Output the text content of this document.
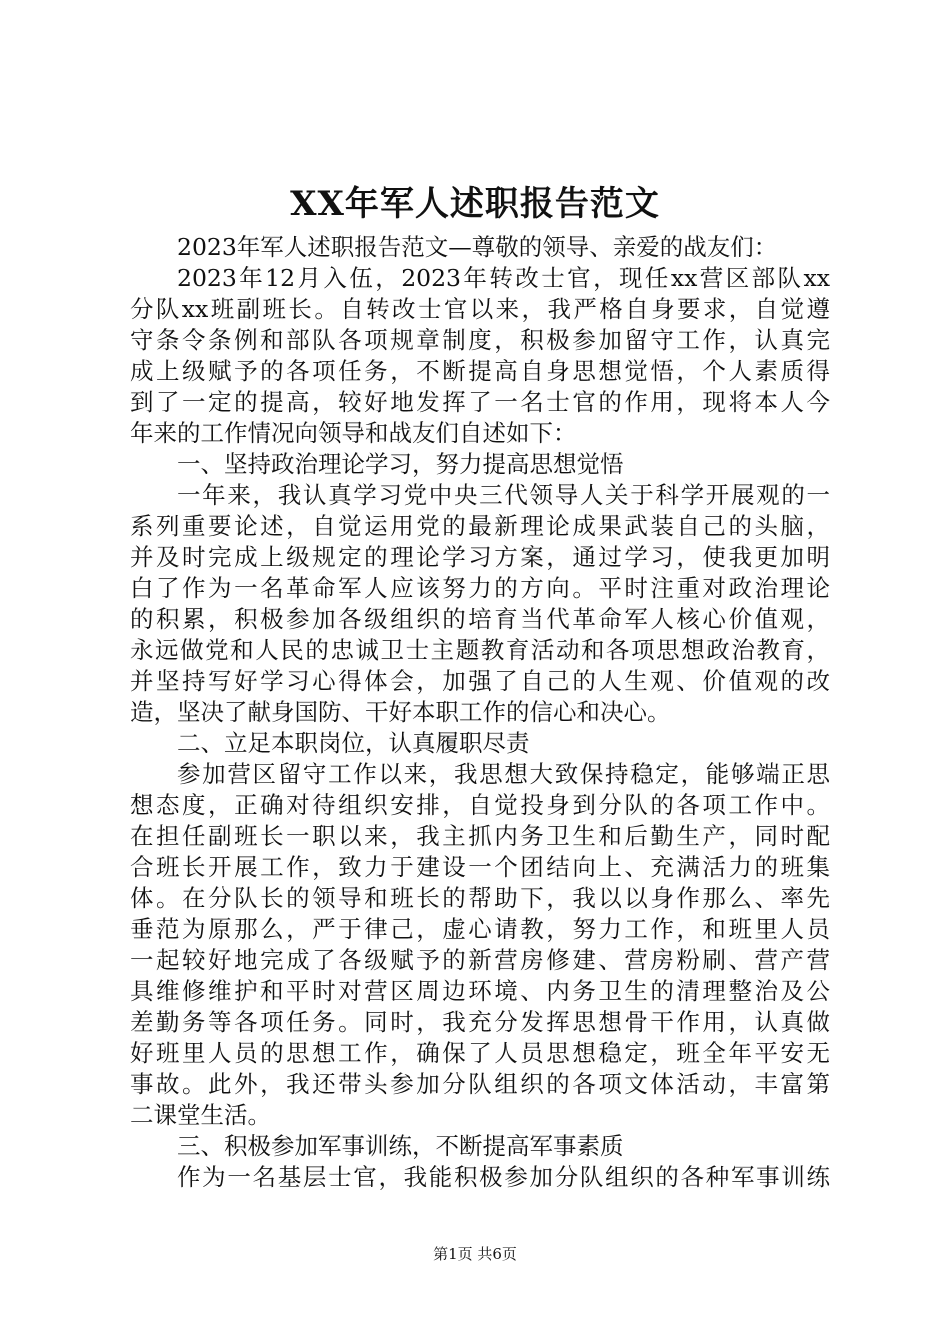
XX年军人述职报告范文
2023年军人述职报告范文—尊敬的领导、亲爱的战友们：
2023年12月入伍，2023年转改士官，现任xx营区部队xx
分队xx班副班长。自转改士官以来，我严格自身要求，自觉遵
守条令条例和部队各项规章制度，积极参加留守工作，认真完
成上级赋予的各项任务，不断提高自身思想觉悟，个人素质得
到了一定的提高，较好地发挥了一名士官的作用，现将本人今
年来的工作情况向领导和战友们自述如下：
一、坚持政治理论学习，努力提高思想觉悟
一年来，我认真学习党中央三代领导人关于科学开展观的一
系列重要论述，自觉运用党的最新理论成果武装自己的头脑，
并及时完成上级规定的理论学习方案，通过学习，使我更加明
白了作为一名革命军人应该努力的方向。平时注重对政治理论
的积累，积极参加各级组织的培育当代革命军人核心价值观，
永远做党和人民的忠诚卫士主题教育活动和各项思想政治教育，
并坚持写好学习心得体会，加强了自己的人生观、价值观的改
造，坚决了献身国防、干好本职工作的信心和决心。
二、立足本职岗位，认真履职尽责
参加营区留守工作以来，我思想大致保持稳定，能够端正思
想态度，正确对待组织安排，自觉投身到分队的各项工作中。
在担任副班长一职以来，我主抓内务卫生和后勤生产，同时配
合班长开展工作，致力于建设一个团结向上、充满活力的班集
体。在分队长的领导和班长的帮助下，我以以身作那么、率先
垂范为原那么，严于律己，虚心请教，努力工作，和班里人员
一起较好地完成了各级赋予的新营房修建、营房粉刷、营产营
具维修维护和平时对营区周边环境、内务卫生的清理整治及公
差勤务等各项任务。同时，我充分发挥思想骨干作用，认真做
好班里人员的思想工作，确保了人员思想稳定，班全年平安无
事故。此外，我还带头参加分队组织的各项文体活动，丰富第
二课堂生活。
三、积极参加军事训练，不断提高军事素质
作为一名基层士官，我能积极参加分队组织的各种军事训练
第1页 共6页
